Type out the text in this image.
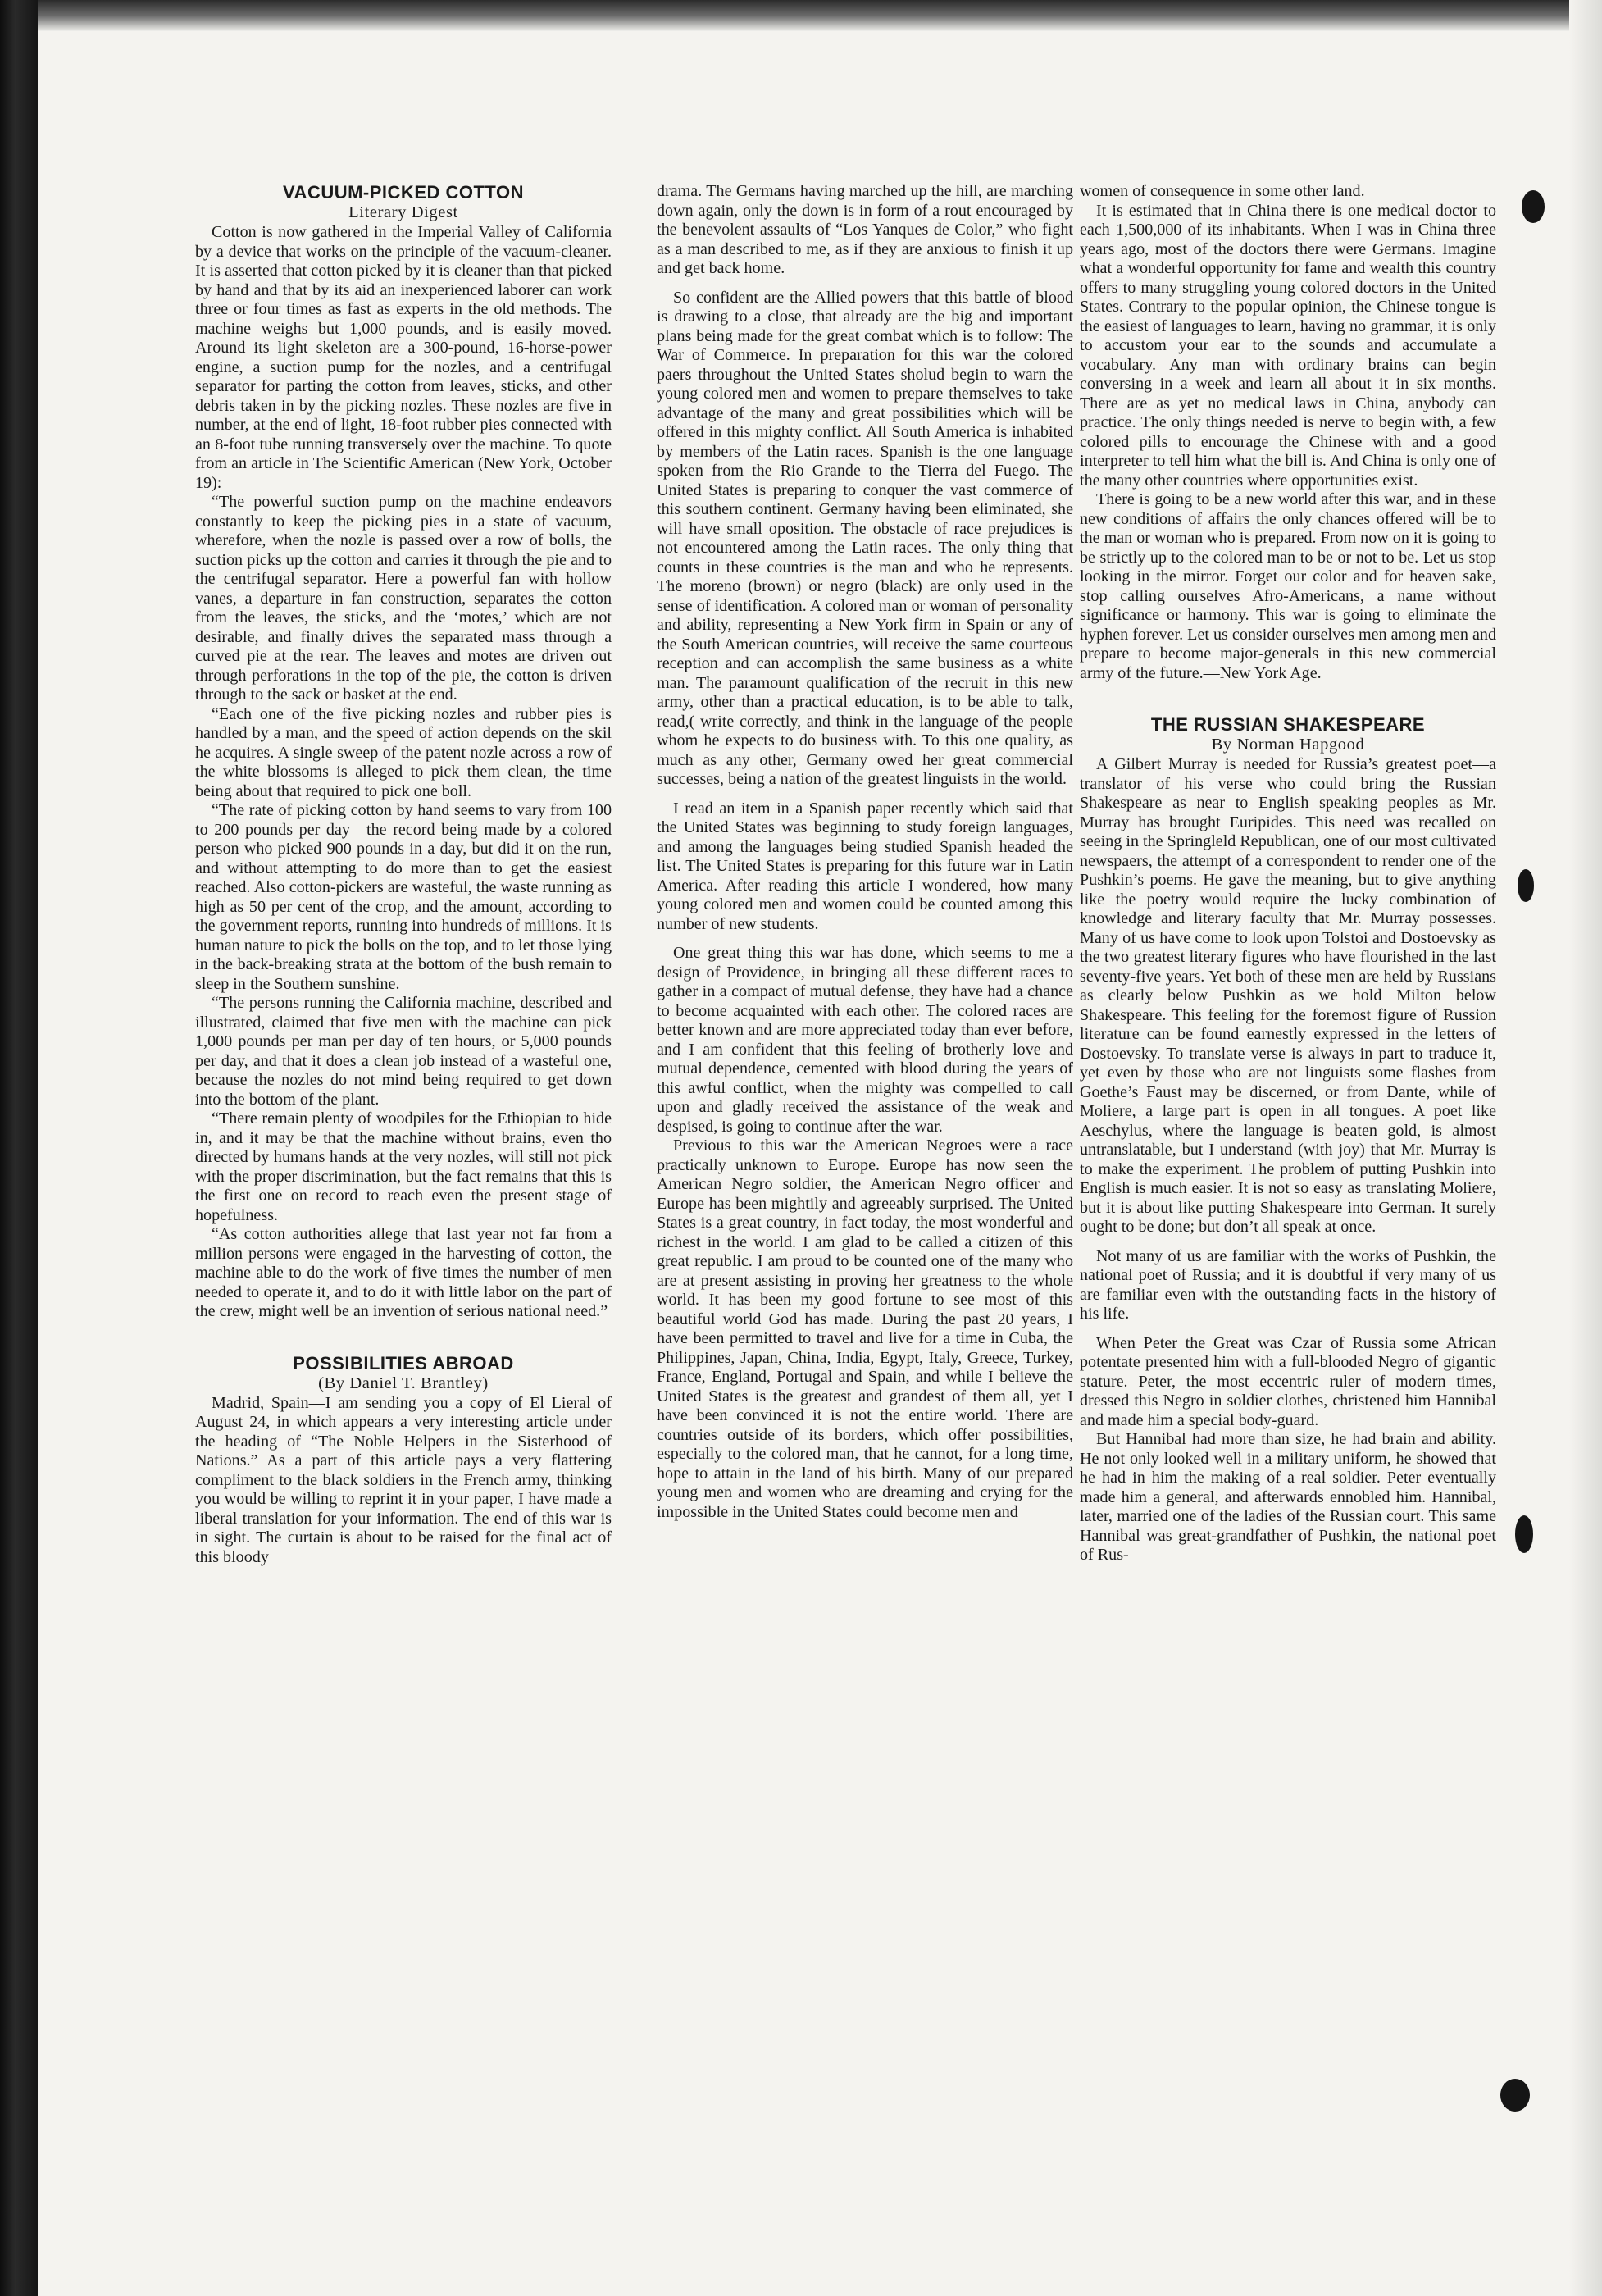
VACUUM-PICKED COTTON
Literary Digest

Cotton is now gathered in the Imperial Valley of California by a device that works on the principle of the vacuum-cleaner. It is asserted that cotton picked by it is cleaner than that picked by hand and that by its aid an inexperienced laborer can work three or four times as fast as experts in the old methods. The machine weighs but 1,000 pounds, and is easily moved. Around its light skeleton are a 300-pound, 16-horse-power engine, a suction pump for the nozles, and a centrifugal separator for parting the cotton from leaves, sticks, and other debris taken in by the picking nozles. These nozles are five in number, at the end of light, 18-foot rubber pies connected with an 8-foot tube running transversely over the machine. To quote from an article in The Scientific American (New York, October 19):

“The powerful suction pump on the machine endeavors constantly to keep the picking pies in a state of vacuum, wherefore, when the nozle is passed over a row of bolls, the suction picks up the cotton and carries it through the pie and to the centrifugal separator. Here a powerful fan with hollow vanes, a departure in fan construction, separates the cotton from the leaves, the sticks, and the ‘motes,’ which are not desirable, and finally drives the separated mass through a curved pie at the rear. The leaves and motes are driven out through perforations in the top of the pie, the cotton is driven through to the sack or basket at the end.

“Each one of the five picking nozles and rubber pies is handled by a man, and the speed of action depends on the skil he acquires. A single sweep of the patent nozle across a row of the white blossoms is alleged to pick them clean, the time being about that required to pick one boll.

“The rate of picking cotton by hand seems to vary from 100 to 200 pounds per day—the record being made by a colored person who picked 900 pounds in a day, but did it on the run, and without attempting to do more than to get the easiest reached. Also cotton-pickers are wasteful, the waste running as high as 50 per cent of the crop, and the amount, according to the government reports, running into hundreds of millions. It is human nature to pick the bolls on the top, and to let those lying in the back-breaking strata at the bottom of the bush remain to sleep in the Southern sunshine.

“The persons running the California machine, described and illustrated, claimed that five men with the machine can pick 1,000 pounds per man per day of ten hours, or 5,000 pounds per day, and that it does a clean job instead of a wasteful one, because the nozles do not mind being required to get down into the bottom of the plant.

“There remain plenty of woodpiles for the Ethiopian to hide in, and it may be that the machine without brains, even tho directed by humans hands at the very nozles, will still not pick with the proper discrimination, but the fact remains that this is the first one on record to reach even the present stage of hopefulness.

“As cotton authorities allege that last year not far from a million persons were engaged in the harvesting of cotton, the machine able to do the work of five times the number of men needed to operate it, and to do it with little labor on the part of the crew, might well be an invention of serious national need.”

POSSIBILITIES ABROAD
(By Daniel T. Brantley)

Madrid, Spain—I am sending you a copy of El Lieral of August 24, in which appears a very interesting article under the heading of “The Noble Helpers in the Sisterhood of Nations.” As a part of this article pays a very flattering compliment to the black soldiers in the French army, thinking you would be willing to reprint it in your paper, I have made a liberal translation for your information. The end of this war is in sight. The curtain is about to be raised for the final act of this bloody

drama. The Germans having marched up the hill, are marching down again, only the down is in form of a rout encouraged by the benevolent assaults of “Los Yanques de Color,” who fight as a man described to me, as if they are anxious to finish it up and get back home.

So confident are the Allied powers that this battle of blood is drawing to a close, that already are the big and important plans being made for the great combat which is to follow: The War of Commerce. In preparation for this war the colored paers throughout the United States sholud begin to warn the young colored men and women to prepare themselves to take advantage of the many and great possibilities which will be offered in this mighty conflict. All South America is inhabited by members of the Latin races. Spanish is the one language spoken from the Rio Grande to the Tierra del Fuego. The United States is preparing to conquer the vast commerce of this southern continent. Germany having been eliminated, she will have small oposition. The obstacle of race prejudices is not encountered among the Latin races. The only thing that counts in these countries is the man and who he represents. The moreno (brown) or negro (black) are only used in the sense of identification. A colored man or woman of personality and ability, representing a New York firm in Spain or any of the South American countries, will receive the same courteous reception and can accomplish the same business as a white man. The paramount qualification of the recruit in this new army, other than a practical education, is to be able to talk, read,( write correctly, and think in the language of the people whom he expects to do business with. To this one quality, as much as any other, Germany owed her great commercial successes, being a nation of the greatest linguists in the world.

I read an item in a Spanish paper recently which said that the United States was beginning to study foreign languages, and among the languages being studied Spanish headed the list. The United States is preparing for this future war in Latin America. After reading this article I wondered, how many young colored men and women could be counted among this number of new students.

One great thing this war has done, which seems to me a design of Providence, in bringing all these different races to gather in a compact of mutual defense, they have had a chance to become acquainted with each other. The colored races are better known and are more appreciated today than ever before, and I am confident that this feeling of brotherly love and mutual dependence, cemented with blood during the years of this awful conflict, when the mighty was compelled to call upon and gladly received the assistance of the weak and despised, is going to continue after the war.

Previous to this war the American Negroes were a race practically unknown to Europe. Europe has now seen the American Negro soldier, the American Negro officer and Europe has been mightily and agreeably surprised. The United States is a great country, in fact today, the most wonderful and richest in the world. I am glad to be called a citizen of this great republic. I am proud to be counted one of the many who are at present assisting in proving her greatness to the whole world. It has been my good fortune to see most of this beautiful world God has made. During the past 20 years, I have been permitted to travel and live for a time in Cuba, the Philippines, Japan, China, India, Egypt, Italy, Greece, Turkey, France, England, Portugal and Spain, and while I believe the United States is the greatest and grandest of them all, yet I have been convinced it is not the entire world. There are countries outside of its borders, which offer possibilities, especially to the colored man, that he cannot, for a long time, hope to attain in the land of his birth. Many of our prepared young men and women who are dreaming and crying for the impossible in the United States could become men and

women of consequence in some other land.

It is estimated that in China there is one medical doctor to each 1,500,000 of its inhabitants. When I was in China three years ago, most of the doctors there were Germans. Imagine what a wonderful opportunity for fame and wealth this country offers to many struggling young colored doctors in the United States. Contrary to the popular opinion, the Chinese tongue is the easiest of languages to learn, having no grammar, it is only to accustom your ear to the sounds and accumulate a vocabulary. Any man with ordinary brains can begin conversing in a week and learn all about it in six months. There are as yet no medical laws in China, anybody can practice. The only things needed is nerve to begin with, a few colored pills to encourage the Chinese with and a good interpreter to tell him what the bill is. And China is only one of the many other countries where opportunities exist.

There is going to be a new world after this war, and in these new conditions of affairs the only chances offered will be to the man or woman who is prepared. From now on it is going to be strictly up to the colored man to be or not to be. Let us stop looking in the mirror. Forget our color and for heaven sake, stop calling ourselves Afro-Americans, a name without significance or harmony. This war is going to eliminate the hyphen forever. Let us consider ourselves men among men and prepare to become major-generals in this new commercial army of the future.—New York Age.

THE RUSSIAN SHAKESPEARE
By Norman Hapgood

A Gilbert Murray is needed for Russia’s greatest poet—a translator of his verse who could bring the Russian Shakespeare as near to English speaking peoples as Mr. Murray has brought Euripides. This need was recalled on seeing in the Springleld Republican, one of our most cultivated newspaers, the attempt of a correspondent to render one of the Pushkin’s poems. He gave the meaning, but to give anything like the poetry would require the lucky combination of knowledge and literary faculty that Mr. Murray possesses. Many of us have come to look upon Tolstoi and Dostoevsky as the two greatest literary figures who have flourished in the last seventy-five years. Yet both of these men are held by Russians as clearly below Pushkin as we hold Milton below Shakespeare. This feeling for the foremost figure of Russion literature can be found earnestly expressed in the letters of Dostoevsky. To translate verse is always in part to traduce it, yet even by those who are not linguists some flashes from Goethe’s Faust may be discerned, or from Dante, while of Moliere, a large part is open in all tongues. A poet like Aeschylus, where the language is beaten gold, is almost untranslatable, but I understand (with joy) that Mr. Murray is to make the experiment. The problem of putting Pushkin into English is much easier. It is not so easy as translating Moliere, but it is about like putting Shakespeare into German. It surely ought to be done; but don’t all speak at once.

Not many of us are familiar with the works of Pushkin, the national poet of Russia; and it is doubtful if very many of us are familiar even with the outstanding facts in the history of his life.

When Peter the Great was Czar of Russia some African potentate presented him with a full-blooded Negro of gigantic stature. Peter, the most eccentric ruler of modern times, dressed this Negro in soldier clothes, christened him Hannibal and made him a special body-guard.

But Hannibal had more than size, he had brain and ability. He not only looked well in a military uniform, he showed that he had in him the making of a real soldier. Peter eventually made him a general, and afterwards ennobled him. Hannibal, later, married one of the ladies of the Russian court. This same Hannibal was great-grandfather of Pushkin, the national poet of Rus-
